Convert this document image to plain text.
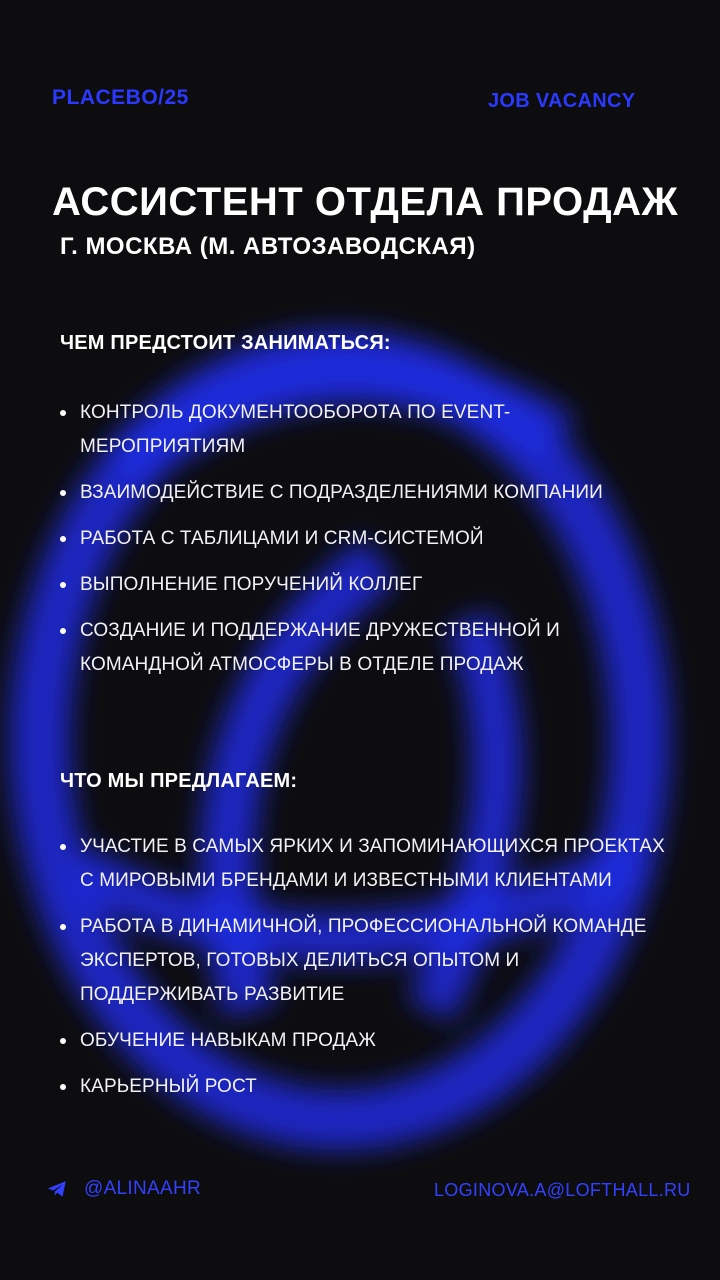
PLACEBO/25	JOB VACANCY

АССИСТЕНТ ОТДЕЛА ПРОДАЖ

Г. МОСКВА (М. АВТОЗАВОДСКАЯ)

ЧЕМ ПРЕДСТОИТ ЗАНИМАТЬСЯ:
КОНТРОЛЬ ДОКУМЕНТООБОРОТА ПО EVENT-МЕРОПРИЯТИЯМ
ВЗАИМОДЕЙСТВИЕ С ПОДРАЗДЕЛЕНИЯМИ КОМПАНИИ
РАБОТА С ТАБЛИЦАМИ И CRM-СИСТЕМОЙ
ВЫПОЛНЕНИЕ ПОРУЧЕНИЙ КОЛЛЕГ
СОЗДАНИЕ И ПОДДЕРЖАНИЕ ДРУЖЕСТВЕННОЙ И КОМАНДНОЙ АТМОСФЕРЫ В ОТДЕЛЕ ПРОДАЖ
ЧТО МЫ ПРЕДЛАГАЕМ:
УЧАСТИЕ В САМЫХ ЯРКИХ И ЗАПОМИНАЮЩИХСЯ ПРОЕКТАХ С МИРОВЫМИ БРЕНДАМИ И ИЗВЕСТНЫМИ КЛИЕНТАМИ
РАБОТА В ДИНАМИЧНОЙ, ПРОФЕССИОНАЛЬНОЙ КОМАНДЕ ЭКСПЕРТОВ, ГОТОВЫХ ДЕЛИТЬСЯ ОПЫТОМ И ПОДДЕРЖИВАТЬ РАЗВИТИЕ
ОБУЧЕНИЕ НАВЫКАМ ПРОДАЖ
КАРЬЕРНЫЙ РОСТ
@ALINAAHR	LOGINOVA.A@LOFTHALL.RU
